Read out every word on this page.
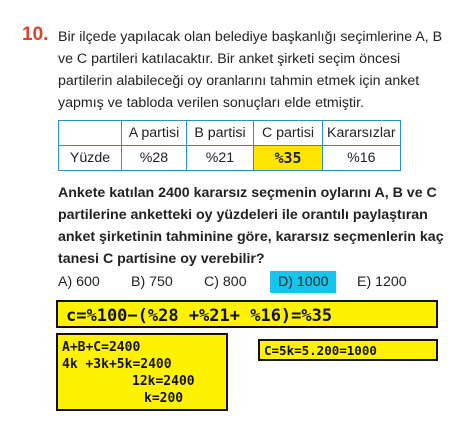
10. Bir ilçede yapılacak olan belediye başkanlığı seçimlerine A, B ve C partileri katılacaktır. Bir anket şirketi seçim öncesi partilerin alabileceği oy oranlarını tahmin etmek için anket yapmış ve tabloda verilen sonuçları elde etmiştir.
	A partisi	B partisi	C partisi	Kararsızlar
Yüzde	%28	%21	%35	%16
Ankete katılan 2400 kararsız seçmenin oylarını A, B ve C partilerine anketteki oy yüzdeleri ile orantılı paylaştıran anket şirketinin tahminine göre, kararsız seçmenlerin kaç tanesi C partisine oy verebilir?
A) 600 B) 750 C) 800	D) 1000	E) 1200
c=%100−(%28 +%21+ %16)=%35
A+B+C=2400
4k +3k+5k=2400
12k=2400
k=200
C=5k=5.200=1000
